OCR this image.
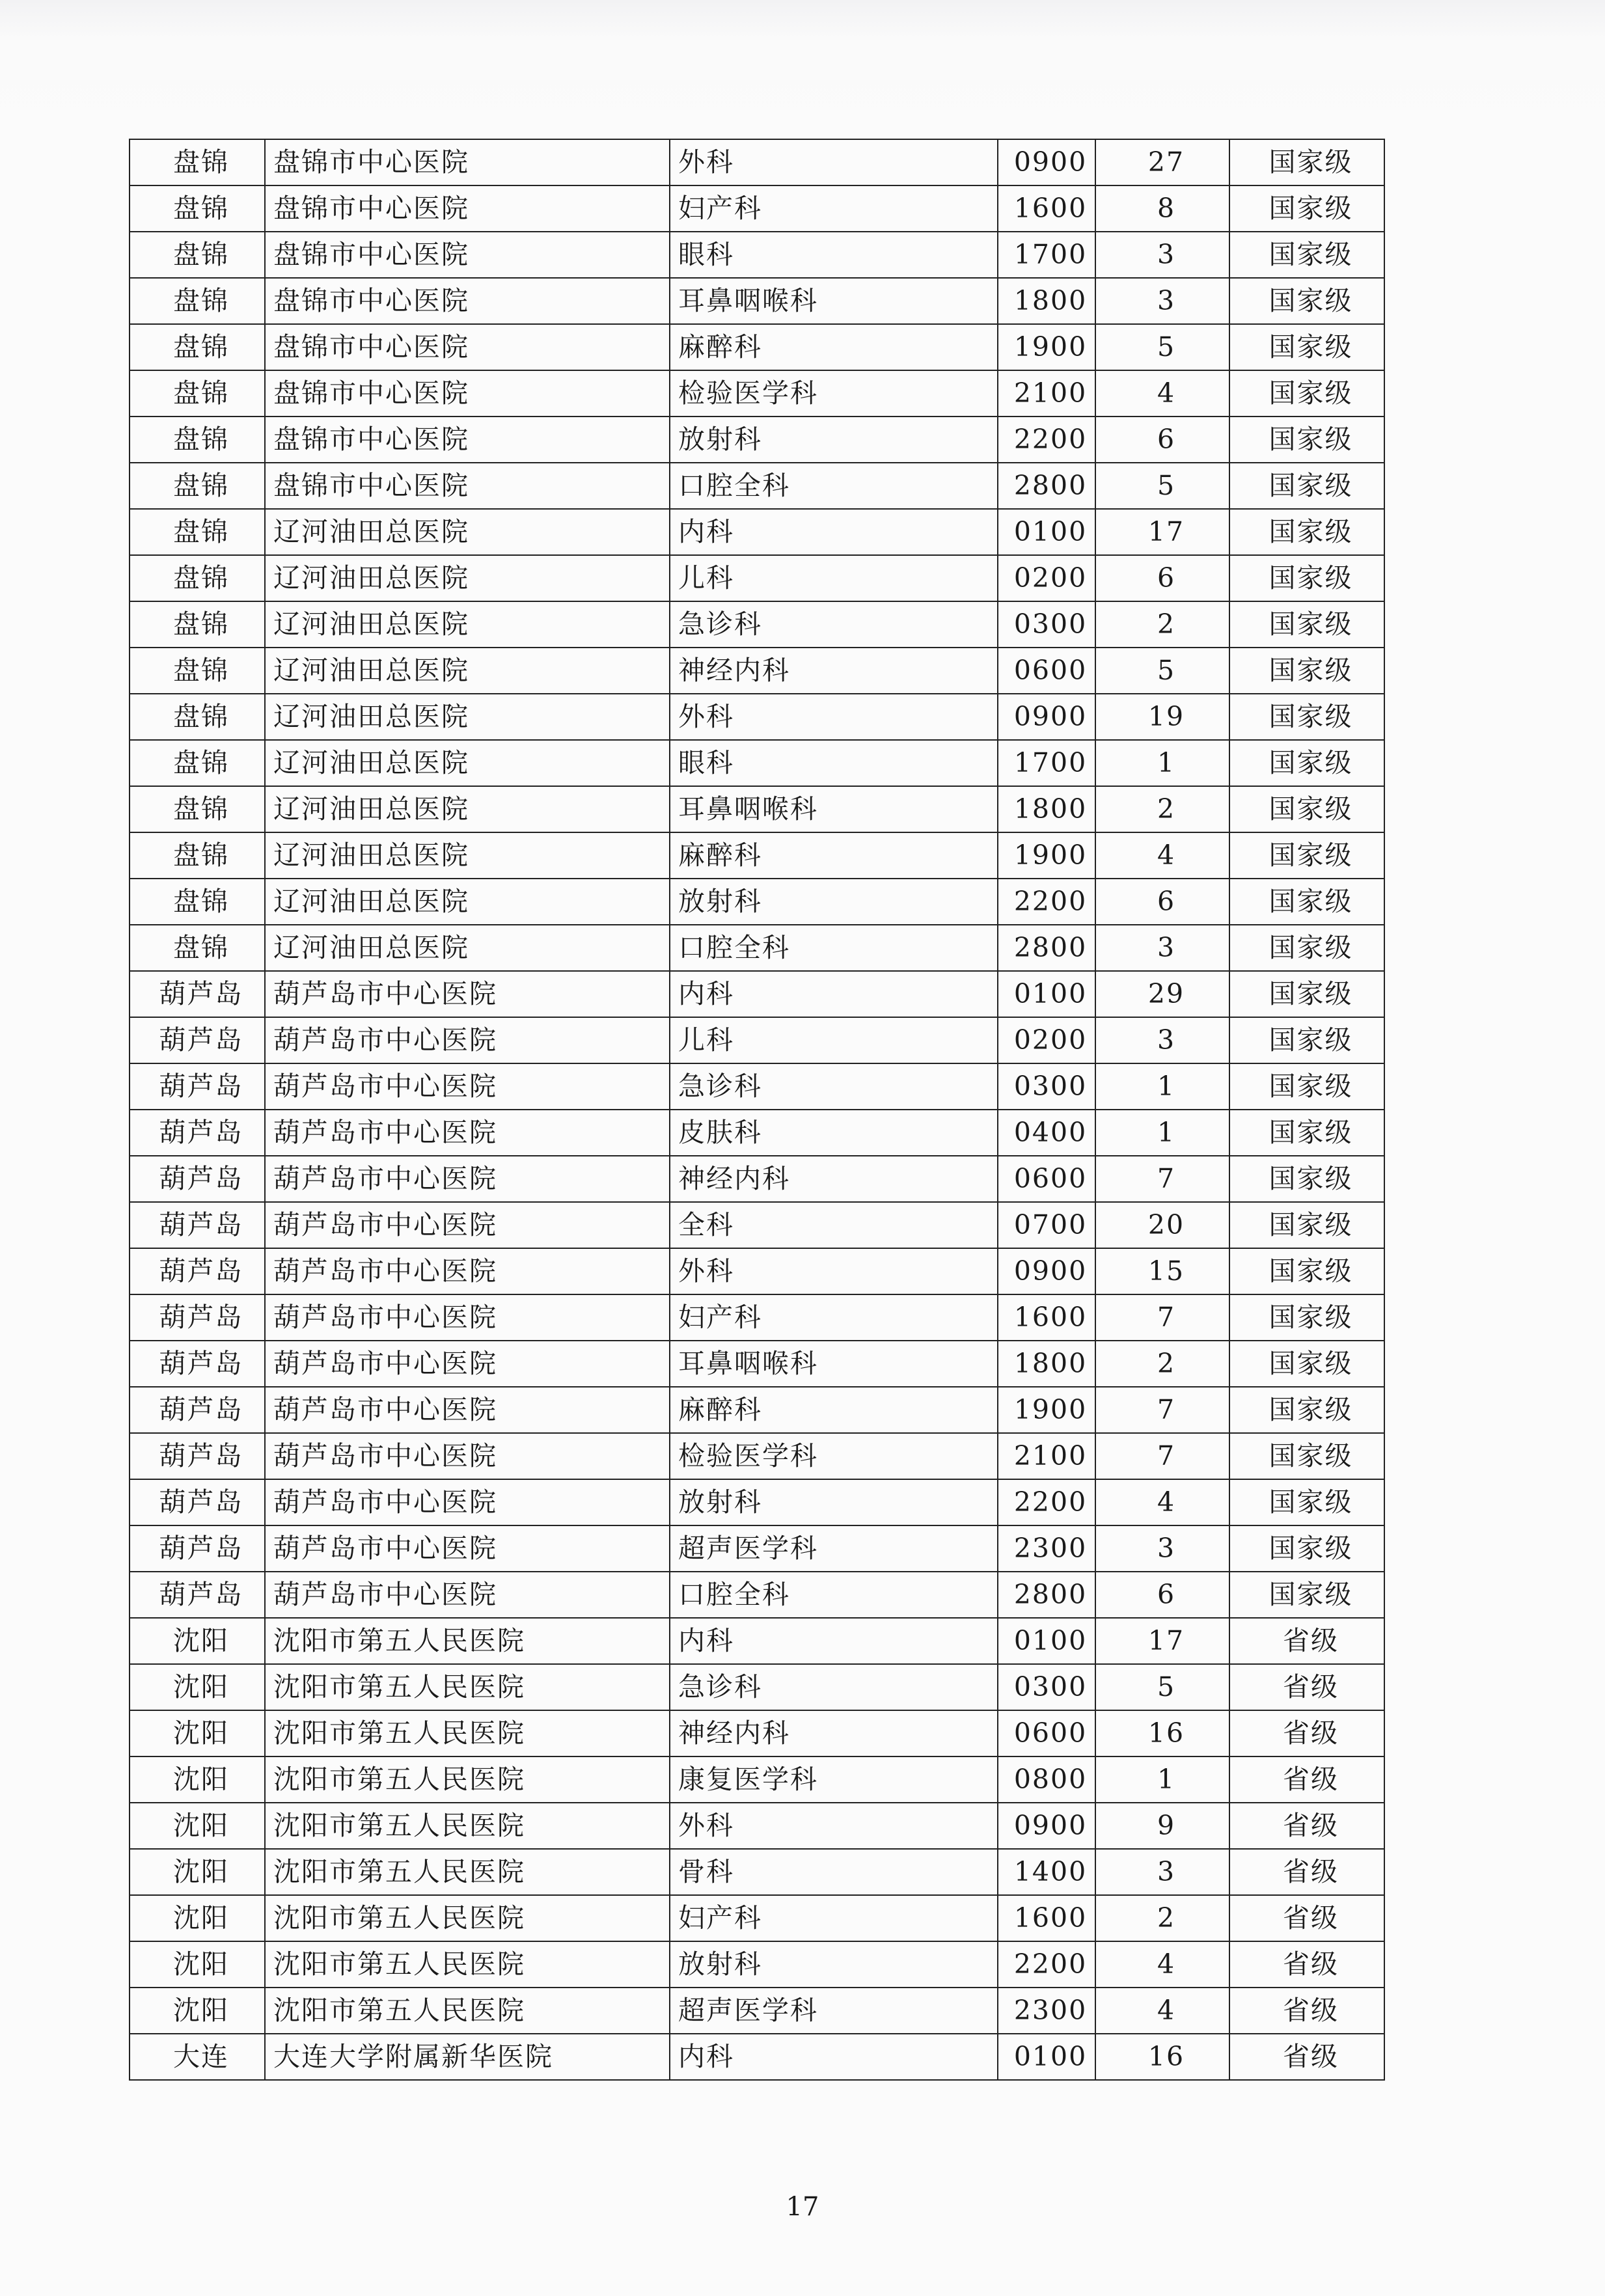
盘锦	盘锦市中心医院	外科	0900	27	国家级
盘锦	盘锦市中心医院	妇产科	1600	8	国家级
盘锦	盘锦市中心医院	眼科	1700	3	国家级
盘锦	盘锦市中心医院	耳鼻咽喉科	1800	3	国家级
盘锦	盘锦市中心医院	麻醉科	1900	5	国家级
盘锦	盘锦市中心医院	检验医学科	2100	4	国家级
盘锦	盘锦市中心医院	放射科	2200	6	国家级
盘锦	盘锦市中心医院	口腔全科	2800	5	国家级
盘锦	辽河油田总医院	内科	0100	17	国家级
盘锦	辽河油田总医院	儿科	0200	6	国家级
盘锦	辽河油田总医院	急诊科	0300	2	国家级
盘锦	辽河油田总医院	神经内科	0600	5	国家级
盘锦	辽河油田总医院	外科	0900	19	国家级
盘锦	辽河油田总医院	眼科	1700	1	国家级
盘锦	辽河油田总医院	耳鼻咽喉科	1800	2	国家级
盘锦	辽河油田总医院	麻醉科	1900	4	国家级
盘锦	辽河油田总医院	放射科	2200	6	国家级
盘锦	辽河油田总医院	口腔全科	2800	3	国家级
葫芦岛	葫芦岛市中心医院	内科	0100	29	国家级
葫芦岛	葫芦岛市中心医院	儿科	0200	3	国家级
葫芦岛	葫芦岛市中心医院	急诊科	0300	1	国家级
葫芦岛	葫芦岛市中心医院	皮肤科	0400	1	国家级
葫芦岛	葫芦岛市中心医院	神经内科	0600	7	国家级
葫芦岛	葫芦岛市中心医院	全科	0700	20	国家级
葫芦岛	葫芦岛市中心医院	外科	0900	15	国家级
葫芦岛	葫芦岛市中心医院	妇产科	1600	7	国家级
葫芦岛	葫芦岛市中心医院	耳鼻咽喉科	1800	2	国家级
葫芦岛	葫芦岛市中心医院	麻醉科	1900	7	国家级
葫芦岛	葫芦岛市中心医院	检验医学科	2100	7	国家级
葫芦岛	葫芦岛市中心医院	放射科	2200	4	国家级
葫芦岛	葫芦岛市中心医院	超声医学科	2300	3	国家级
葫芦岛	葫芦岛市中心医院	口腔全科	2800	6	国家级
沈阳	沈阳市第五人民医院	内科	0100	17	省级
沈阳	沈阳市第五人民医院	急诊科	0300	5	省级
沈阳	沈阳市第五人民医院	神经内科	0600	16	省级
沈阳	沈阳市第五人民医院	康复医学科	0800	1	省级
沈阳	沈阳市第五人民医院	外科	0900	9	省级
沈阳	沈阳市第五人民医院	骨科	1400	3	省级
沈阳	沈阳市第五人民医院	妇产科	1600	2	省级
沈阳	沈阳市第五人民医院	放射科	2200	4	省级
沈阳	沈阳市第五人民医院	超声医学科	2300	4	省级
大连	大连大学附属新华医院	内科	0100	16	省级
17
